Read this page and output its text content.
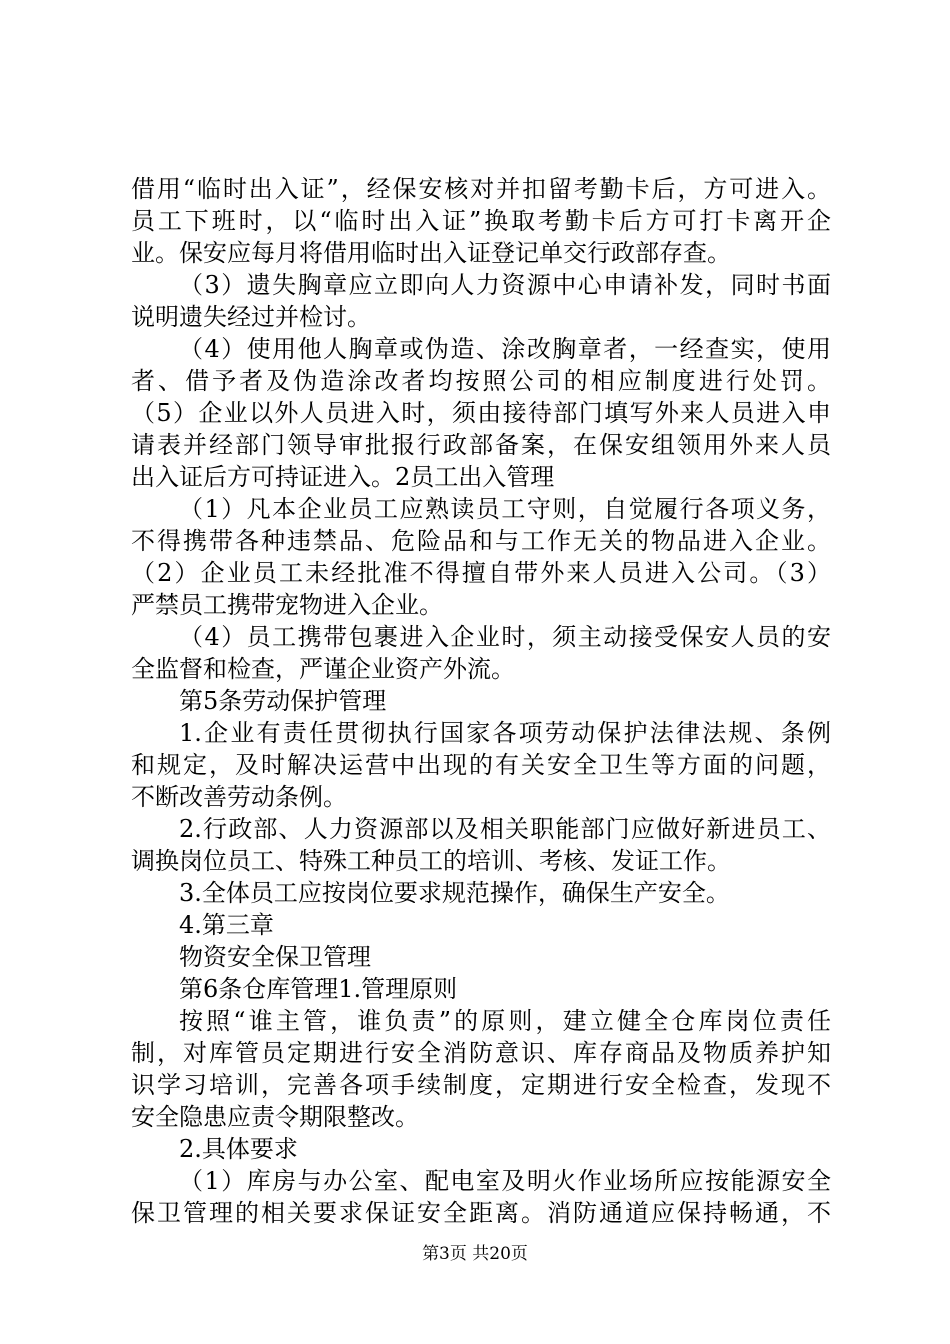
借用“临时出入证”，经保安核对并扣留考勤卡后，方可进入。
员工下班时，以“临时出入证”换取考勤卡后方可打卡离开企
业。保安应每月将借用临时出入证登记单交行政部存查。
（3）遗失胸章应立即向人力资源中心申请补发，同时书面
说明遗失经过并检讨。
（4）使用他人胸章或伪造、涂改胸章者，一经查实，使用
者、借予者及伪造涂改者均按照公司的相应制度进行处罚。
（5）企业以外人员进入时，须由接待部门填写外来人员进入申
请表并经部门领导审批报行政部备案，在保安组领用外来人员
出入证后方可持证进入。2员工出入管理
（1）凡本企业员工应熟读员工守则，自觉履行各项义务，
不得携带各种违禁品、危险品和与工作无关的物品进入企业。
（2）企业员工未经批准不得擅自带外来人员进入公司。（3）
严禁员工携带宠物进入企业。
（4）员工携带包裹进入企业时，须主动接受保安人员的安
全监督和检查，严谨企业资产外流。
第5条劳动保护管理
1.企业有责任贯彻执行国家各项劳动保护法律法规、条例
和规定，及时解决运营中出现的有关安全卫生等方面的问题，
不断改善劳动条例。
2.行政部、人力资源部以及相关职能部门应做好新进员工、
调换岗位员工、特殊工种员工的培训、考核、发证工作。
3.全体员工应按岗位要求规范操作，确保生产安全。
4.第三章
物资安全保卫管理
第6条仓库管理1.管理原则
按照“谁主管，谁负责”的原则，建立健全仓库岗位责任
制，对库管员定期进行安全消防意识、库存商品及物质养护知
识学习培训，完善各项手续制度，定期进行安全检查，发现不
安全隐患应责令期限整改。
2.具体要求
（1）库房与办公室、配电室及明火作业场所应按能源安全
保卫管理的相关要求保证安全距离。消防通道应保持畅通，不
第3页 共20页
